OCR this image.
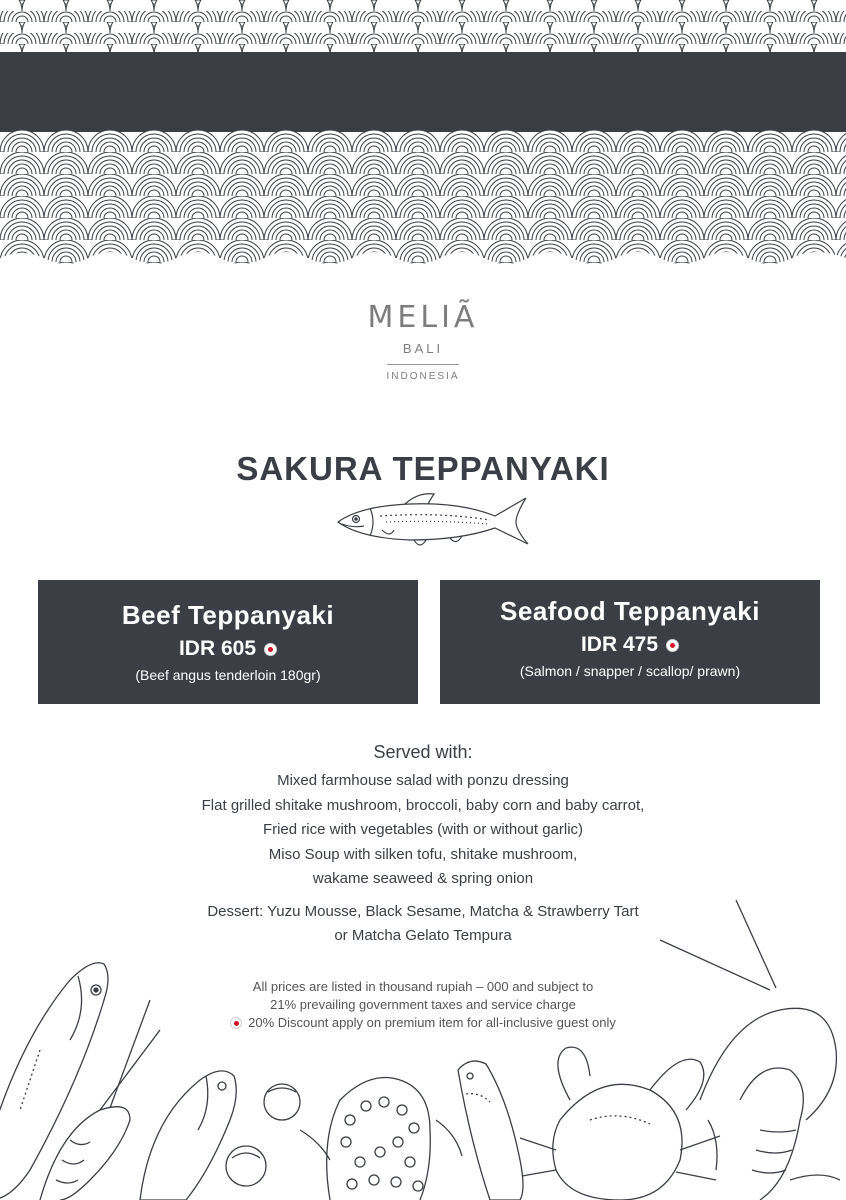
MELIÃ
BALI
INDONESIA
SAKURA TEPPANYAKI
Beef Teppanyaki
IDR 605
(Beef angus tenderloin 180gr)
Seafood Teppanyaki
IDR 475
(Salmon / snapper / scallop/ prawn)
Served with:
Mixed farmhouse salad with ponzu dressing
Flat grilled shitake mushroom, broccoli, baby corn and baby carrot,
Fried rice with vegetables (with or without garlic)
Miso Soup with silken tofu, shitake mushroom,
wakame seaweed & spring onion
Dessert: Yuzu Mousse, Black Sesame, Matcha & Strawberry Tart
or Matcha Gelato Tempura
All prices are listed in thousand rupiah – 000 and subject to
21% prevailing government taxes and service charge
20% Discount apply on premium item for all-inclusive guest only
